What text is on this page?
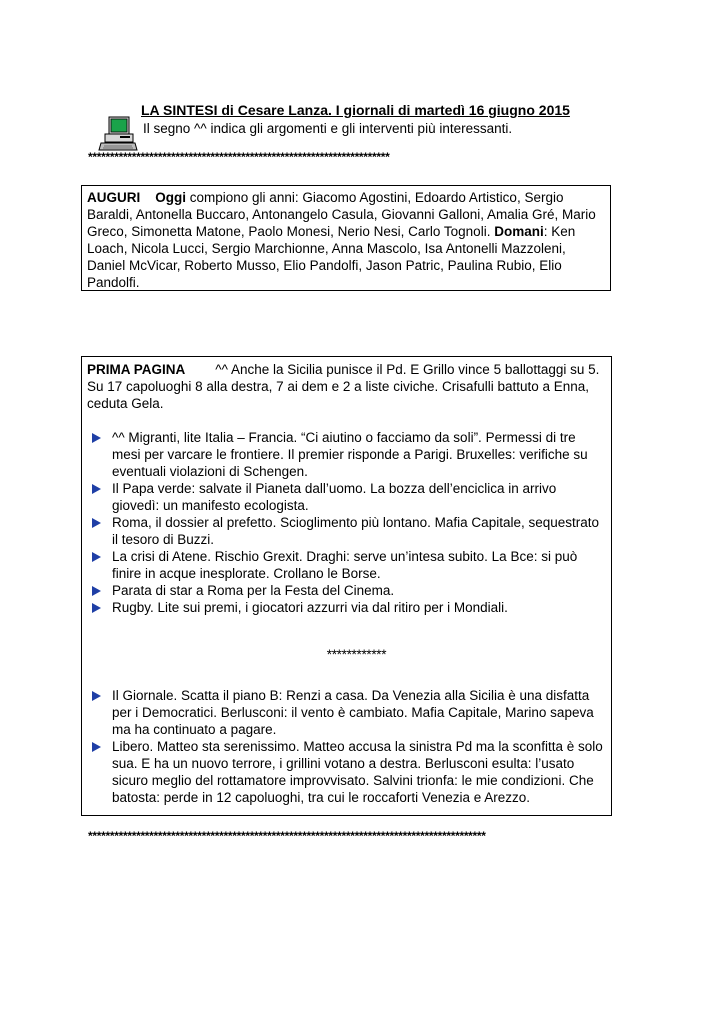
LA SINTESI di Cesare Lanza. I giornali di martedì 16 giugno 2015
Il segno ^^ indica gli argomenti e gli interventi più interessanti.
*********************************************************************
AUGURI Oggi compiono gli anni: Giacomo Agostini, Edoardo Artistico, Sergio Baraldi, Antonella Buccaro, Antonangelo Casula, Giovanni Galloni, Amalia Gré, Mario Greco, Simonetta Matone, Paolo Monesi, Nerio Nesi, Carlo Tognoli. Domani: Ken Loach, Nicola Lucci, Sergio Marchionne, Anna Mascolo, Isa Antonelli Mazzoleni, Daniel McVicar, Roberto Musso, Elio Pandolfi, Jason Patric, Paulina Rubio, Elio Pandolfi.
PRIMA PAGINA        ^^ Anche la Sicilia punisce il Pd. E Grillo vince 5 ballottaggi su 5. Su 17 capoluoghi 8 alla destra, 7 ai dem e 2 a liste civiche. Crisafulli battuto a Enna, ceduta Gela.
^^ Migranti, lite Italia – Francia. “Ci aiutino o facciamo da soli”. Permessi di tre mesi per varcare le frontiere. Il premier risponde a Parigi. Bruxelles: verifiche su eventuali violazioni di Schengen.
Il Papa verde: salvate il Pianeta dall’uomo. La bozza dell’enciclica in arrivo giovedì: un manifesto ecologista.
Roma, il dossier al prefetto. Scioglimento più lontano. Mafia Capitale, sequestrato il tesoro di Buzzi.
La crisi di Atene. Rischio Grexit. Draghi: serve un’intesa subito. La Bce: si può finire in acque inesplorate. Crollano le Borse.
Parata di star a Roma per la Festa del Cinema.
Rugby. Lite sui premi, i giocatori azzurri via dal ritiro per i Mondiali.
************
Il Giornale. Scatta il piano B: Renzi a casa. Da Venezia alla Sicilia è una disfatta per i Democratici. Berlusconi: il vento è cambiato. Mafia Capitale, Marino sapeva ma ha continuato a pagare.
Libero. Matteo sta serenissimo. Matteo accusa la sinistra Pd ma la sconfitta è solo sua. E ha un nuovo terrore, i grillini votano a destra. Berlusconi esulta: l’usato sicuro meglio del rottamatore improvvisato. Salvini trionfa: le mie condizioni. Che batosta: perde in 12 capoluoghi, tra cui le roccaforti Venezia e Arezzo.
*******************************************************************************************
